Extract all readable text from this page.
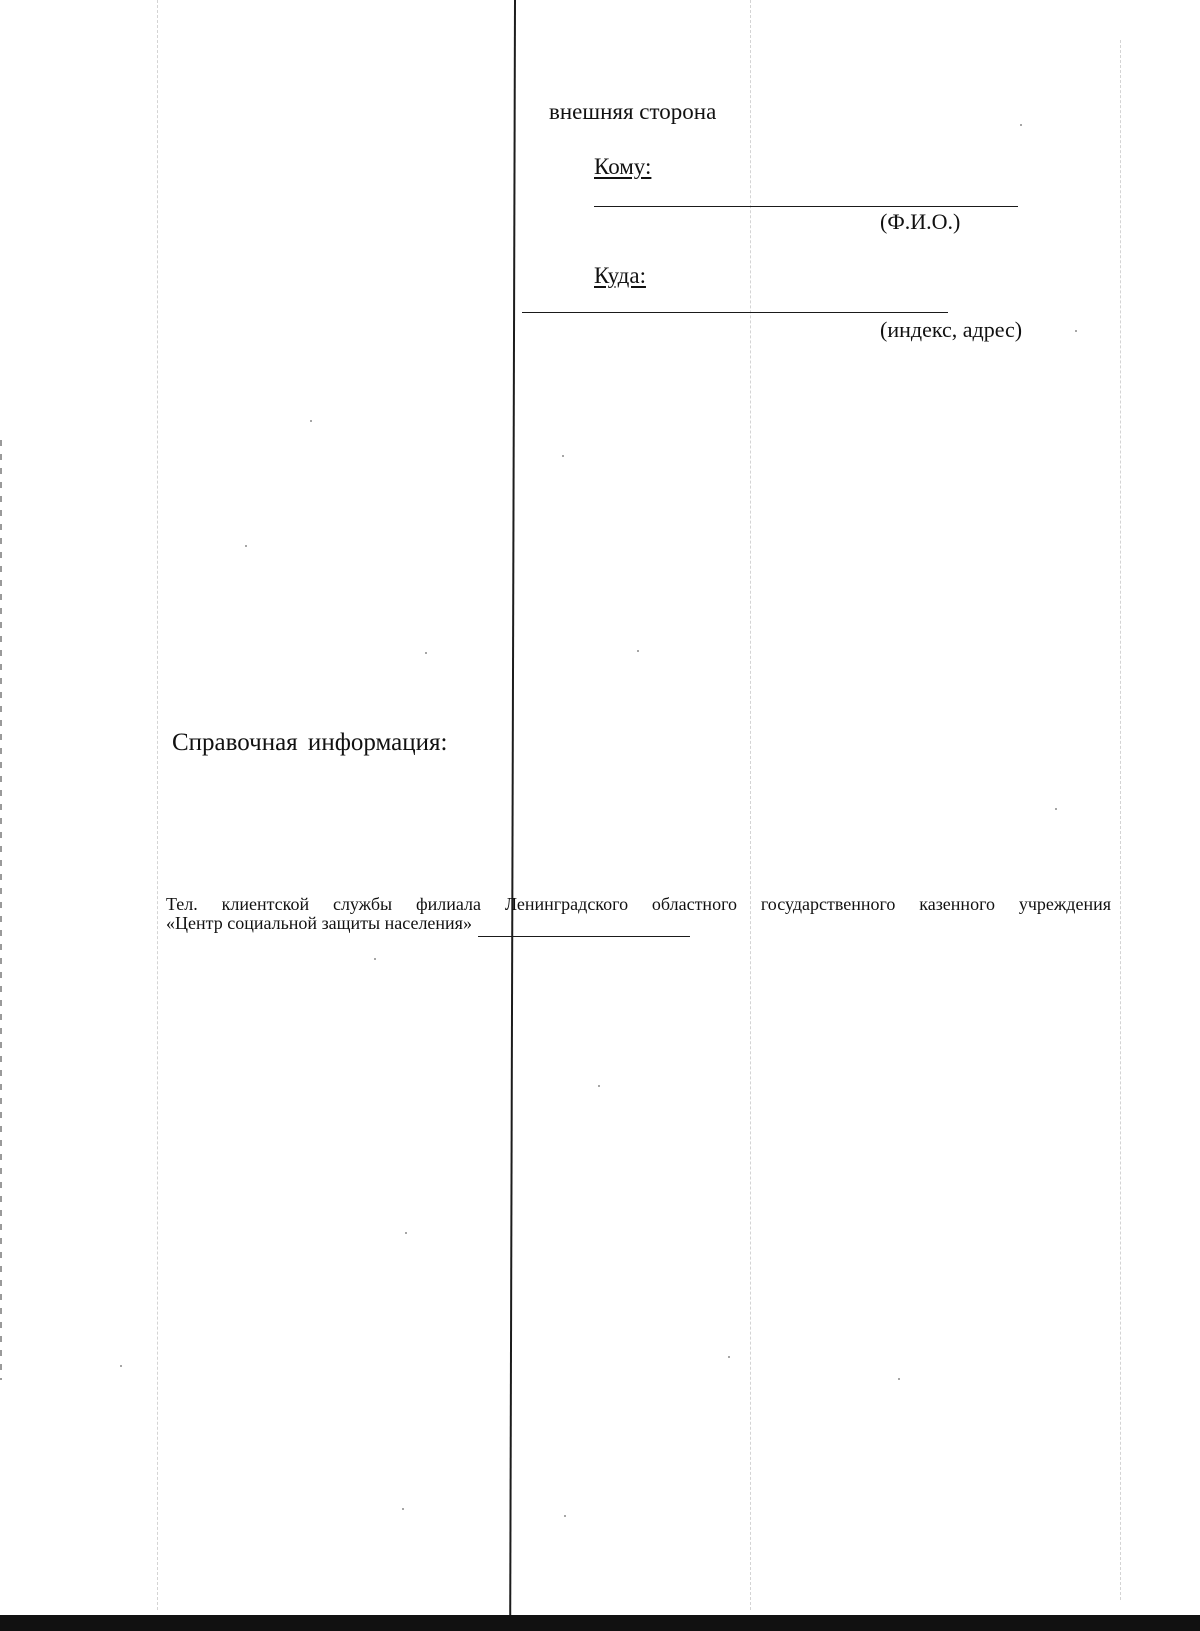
внешняя сторона
Кому:
(Ф.И.О.)
Куда:
(индекс, адрес)
Справочная информация:
Тел. клиентской службы филиала Ленинградского областного государственного казенного учреждения
«Центр социальной защиты населения»
